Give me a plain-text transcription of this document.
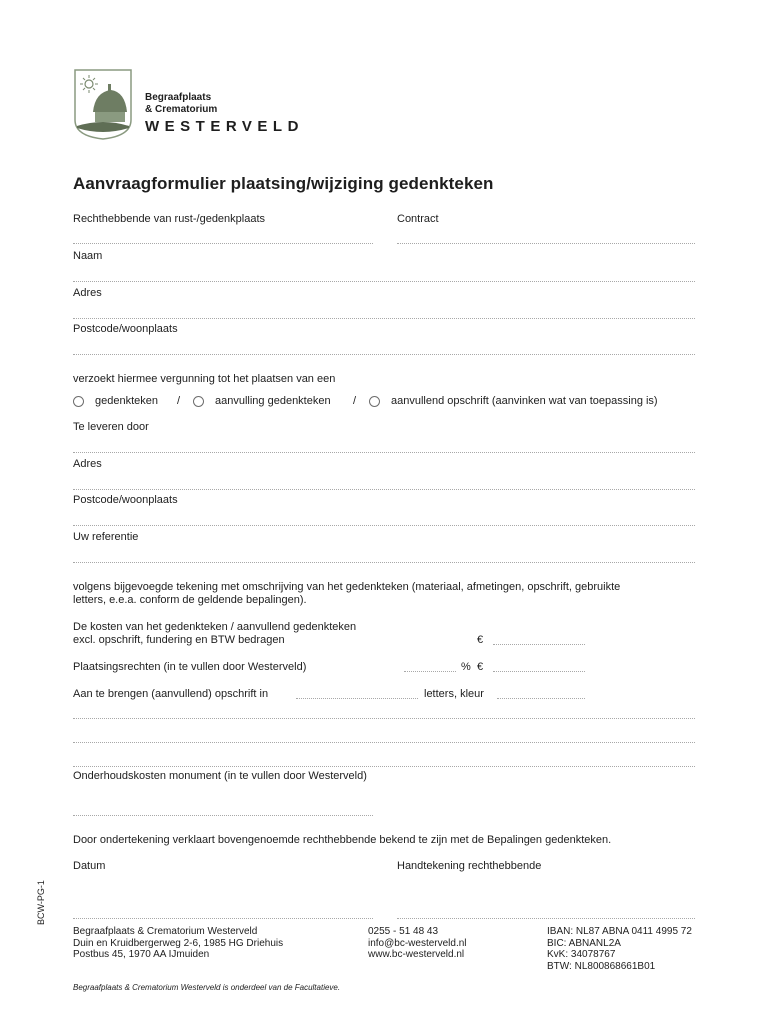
Begraafplaats
& Crematorium
WESTERVELD
Aanvraagformulier plaatsing/wijziging gedenkteken
Rechthebbende van rust-/gedenkplaats	Contract
Naam
Adres
Postcode/woonplaats
verzoekt hiermee vergunning tot het plaatsen van een
gedenkteken /	aanvulling gedenkteken /	aanvullend opschrift (aanvinken wat van toepassing is)
Te leveren door
Adres
Postcode/woonplaats
Uw referentie
volgens bijgevoegde tekening met omschrijving van het gedenkteken (materiaal, afmetingen, opschrift, gebruikte
letters, e.e.a. conform de geldende bepalingen).
De kosten van het gedenkteken / aanvullend gedenkteken
excl. opschrift, fundering en BTW bedragen	€
Plaatsingsrechten (in te vullen door Westerveld)	% €
Aan te brengen (aanvullend) opschrift in	letters, kleur
Onderhoudskosten monument (in te vullen door Westerveld)
Door ondertekening verklaart bovengenoemde rechthebbende bekend te zijn met de Bepalingen gedenkteken.
Datum	Handtekening rechthebbende
BCW-PG-1
Begraafplaats & Crematorium Westerveld
Duin en Kruidbergerweg 2-6, 1985 HG Driehuis
Postbus 45, 1970 AA IJmuiden
0255 - 51 48 43
info@bc-westerveld.nl
www.bc-westerveld.nl
IBAN: NL87 ABNA 0411 4995 72
BIC: ABNANL2A
KvK: 34078767
BTW: NL800868661B01
Begraafplaats & Crematorium Westerveld is onderdeel van de Facultatieve.
